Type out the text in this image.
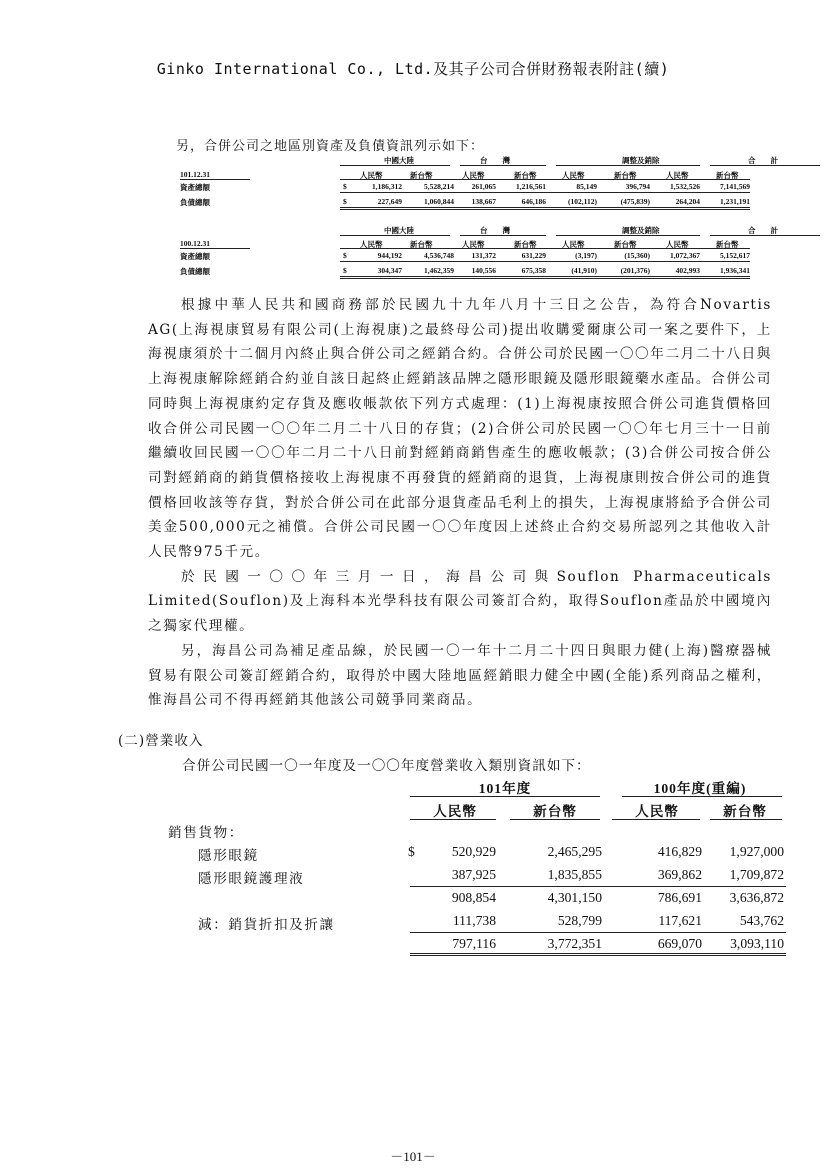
Ginko International Co., Ltd.及其子公司合併財務報表附註(續)
另，合併公司之地區別資產及負債資訊列示如下：
中國大陸	台　　灣	調整及銷除	合　　計
101.12.31	人民幣	新台幣	人民幣	新台幣	人民幣	新台幣	人民幣	新台幣
資產總額	$	1,186,312	5,528,214 261,065	1,216,561	85,149	396,794	1,532,526	7,141,569
負債總額	$	227,649	1,060,844 138,667	646,186	(102,112)	(475,839)	264,204	1,231,191
中國大陸	台　　灣	調整及銷除	合　　計
100.12.31	人民幣	新台幣	人民幣	新台幣	人民幣	新台幣	人民幣	新台幣
資產總額	$	944,192	4,536,748 131,372	631,229	(3,197)	(15,360)	1,072,367	5,152,617
負債總額	$	304,347	1,462,359 140,556	675,358	(41,910)	(201,376)	402,993	1,936,341

根據中華人民共和國商務部於民國九十九年八月十三日之公告，為符合Novartis AG(上海視康貿易有限公司(上海視康)之最終母公司)提出收購愛爾康公司一案之要件下，上海視康須於十二個月內終止與合併公司之經銷合約。合併公司於民國一〇〇年二月二十八日與上海視康解除經銷合約並自該日起終止經銷該品牌之隱形眼鏡及隱形眼鏡藥水產品。合併公司同時與上海視康約定存貨及應收帳款依下列方式處理：(1)上海視康按照合併公司進貨價格回收合併公司民國一〇〇年二月二十八日的存貨；(2)合併公司於民國一〇〇年七月三十一日前繼續收回民國一〇〇年二月二十八日前對經銷商銷售產生的應收帳款；(3)合併公司按合併公司對經銷商的銷貨價格接收上海視康不再發貨的經銷商的退貨，上海視康則按合併公司的進貨價格回收該等存貨，對於合併公司在此部分退貨產品毛利上的損失，上海視康將給予合併公司美金500,000元之補償。合併公司民國一〇〇年度因上述終止合約交易所認列之其他收入計人民幣975千元。

於民國一〇〇年三月一日，海昌公司與Souflon Pharmaceuticals Limited(Souflon)及上海科本光學科技有限公司簽訂合約，取得Souflon產品於中國境內之獨家代理權。

另，海昌公司為補足產品線，於民國一〇一年十二月二十四日與眼力健(上海)醫療器械貿易有限公司簽訂經銷合約，取得於中國大陸地區經銷眼力健全中國(全能)系列商品之權利，惟海昌公司不得再經銷其他該公司競爭同業商品。

(二)營業收入
合併公司民國一〇一年度及一〇〇年度營業收入類別資訊如下：
101年度	100年度(重編)
人民幣	新台幣	人民幣	新台幣
銷售貨物：
隱形眼鏡	$	520,929	2,465,295	416,829 1,927,000
隱形眼鏡護理液	387,925	1,835,855	369,862 1,709,872
908,854	4,301,150	786,691 3,636,872
減：銷貨折扣及折讓	111,738	528,799	117,621	543,762
797,116	3,772,351	669,070 3,093,110
－101－
